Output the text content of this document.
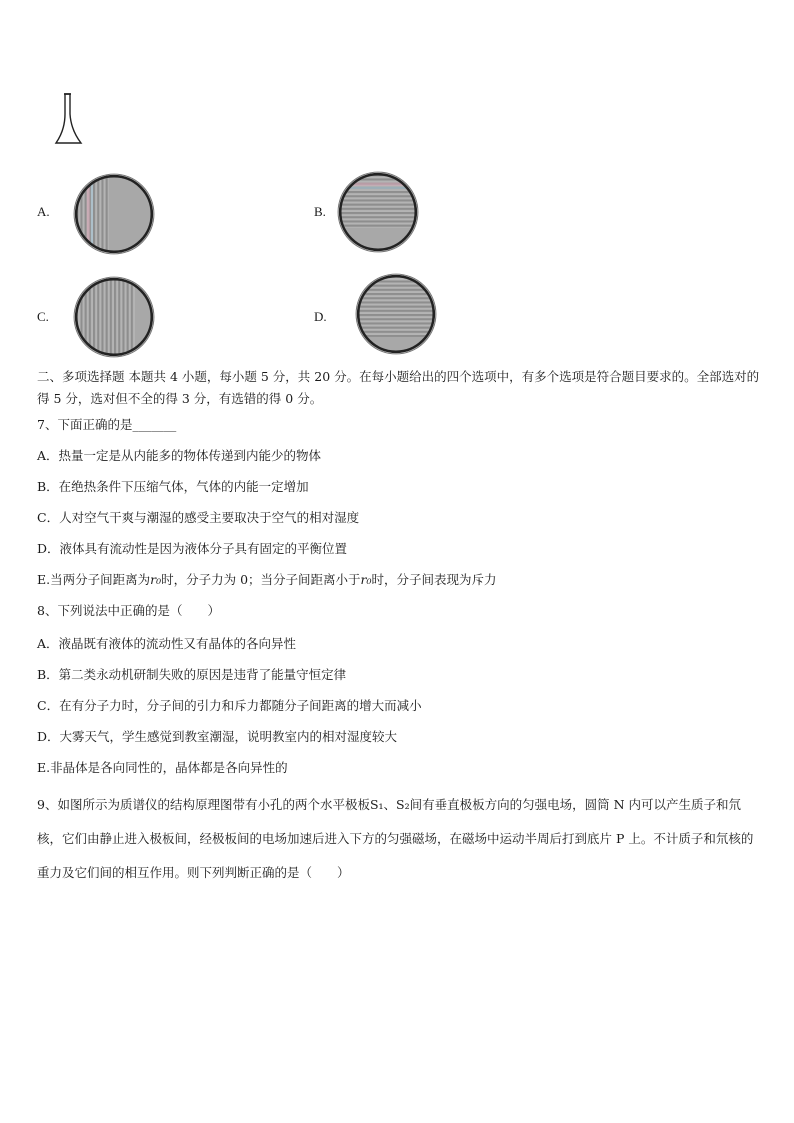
A.	B.
C.	D.
二、多项选择题 本题共 4 小题，每小题 5 分，共 20 分。在每小题给出的四个选项中，有多个选项是符合题目要求的。全部选对的得 5 分，选对但不全的得 3 分，有选错的得 0 分。
7、下面正确的是_______
A．热量一定是从内能多的物体传递到内能少的物体
B．在绝热条件下压缩气体，气体的内能一定增加
C．人对空气干爽与潮湿的感受主要取决于空气的相对湿度
D．液体具有流动性是因为液体分子具有固定的平衡位置
E.当两分子间距离为r₀时，分子力为 0；当分子间距离小于r₀时，分子间表现为斥力
8、下列说法中正确的是（　　）
A．液晶既有液体的流动性又有晶体的各向异性
B．第二类永动机研制失败的原因是违背了能量守恒定律
C．在有分子力时，分子间的引力和斥力都随分子间距离的增大而减小
D．大雾天气，学生感觉到教室潮湿，说明教室内的相对湿度较大
E.非晶体是各向同性的，晶体都是各向异性的
9、如图所示为质谱仪的结构原理图带有小孔的两个水平极板S₁、S₂间有垂直极板方向的匀强电场，圆筒 N 内可以产生质子和氘核，它们由静止进入极板间，经极板间的电场加速后进入下方的匀强磁场，在磁场中运动半周后打到底片 P 上。不计质子和氘核的重力及它们间的相互作用。则下列判断正确的是（　　）
